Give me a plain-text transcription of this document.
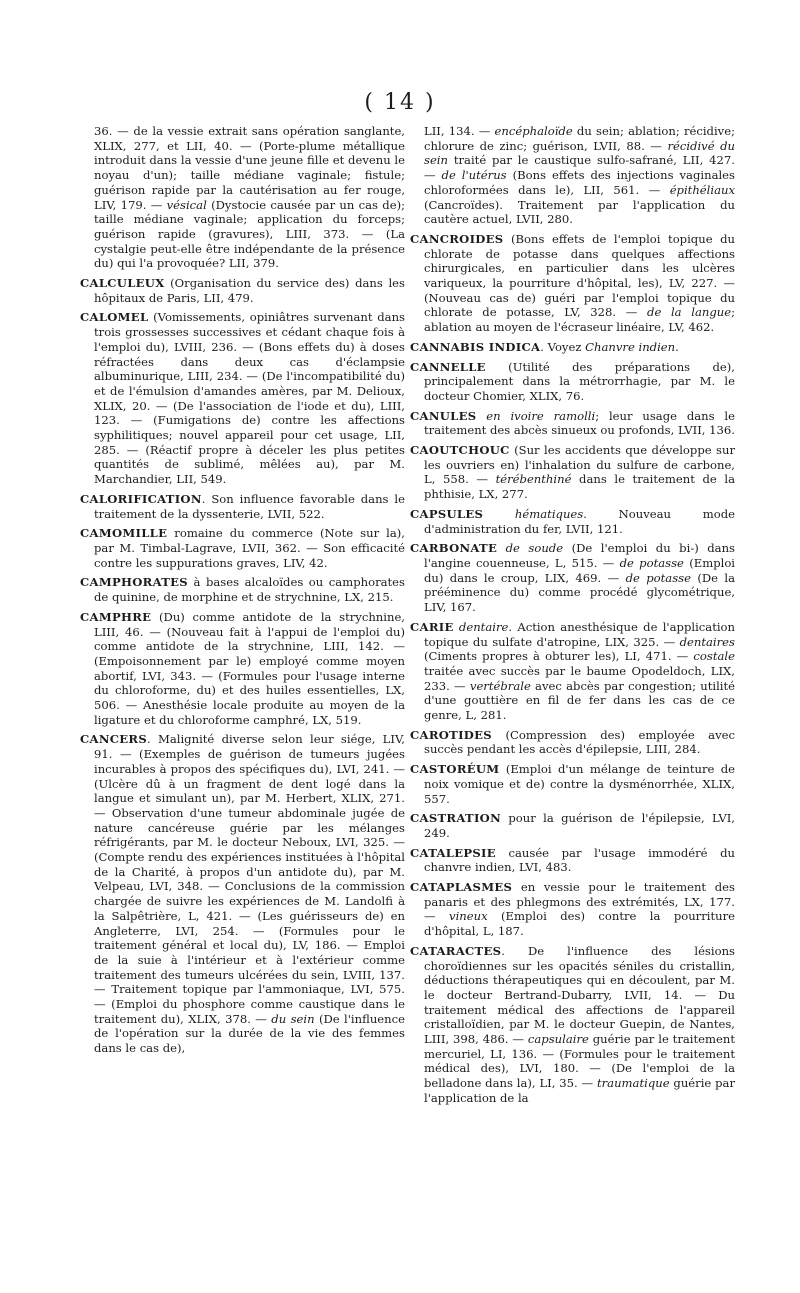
( 14 )

36. — de la vessie extrait sans opération sanglante, XLIX, 277, et LII, 40. — (Porte-plume métallique introduit dans la vessie d'une jeune fille et devenu le noyau d'un); taille médiane vaginale; fistule; guérison rapide par la cautérisation au fer rouge, LIV, 179. — vésical (Dystocie causée par un cas de); taille médiane vaginale; application du forceps; guérison rapide (gravures), LIII, 373. — (La cystalgie peut-elle être indépendante de la présence du) qui l'a provoquée? LII, 379.

CALCULEUX (Organisation du service des) dans les hôpitaux de Paris, LII, 479.

CALOMEL (Vomissements, opiniâtres survenant dans trois grossesses successives et cédant chaque fois à l'emploi du), LVIII, 236. — (Bons effets du) à doses réfractées dans deux cas d'éclampsie albuminurique, LIII, 234. — (De l'incompatibilité du) et de l'émulsion d'amandes amères, par M. Delioux, XLIX, 20. — (De l'association de l'iode et du), LIII, 123. — (Fumigations de) contre les affections syphilitiques; nouvel appareil pour cet usage, LII, 285. — (Réactif propre à déceler les plus petites quantités de sublimé, mêlées au), par M. Marchandier, LII, 549.

CALORIFICATION. Son influence favorable dans le traitement de la dyssenterie, LVII, 522.

CAMOMILLE romaine du commerce (Note sur la), par M. Timbal-Lagrave, LVII, 362. — Son efficacité contre les suppurations graves, LIV, 42.

CAMPHORATES à bases alcaloïdes ou camphorates de quinine, de morphine et de strychnine, LX, 215.

CAMPHRE (Du) comme antidote de la strychnine, LIII, 46. — (Nouveau fait à l'appui de l'emploi du) comme antidote de la strychnine, LIII, 142. — (Empoisonnement par le) employé comme moyen abortif, LVI, 343. — (Formules pour l'usage interne du chloroforme, du) et des huiles essentielles, LX, 506. — Anesthésie locale produite au moyen de la ligature et du chloroforme camphré, LX, 519.

CANCERS. Malignité diverse selon leur siége, LIV, 91. — (Exemples de guérison de tumeurs jugées incurables à propos des spécifiques du), LVI, 241. — (Ulcère dû à un fragment de dent logé dans la langue et simulant un), par M. Herbert, XLIX, 271. — Observation d'une tumeur abdominale jugée de nature cancéreuse guérie par les mélanges réfrigérants, par M. le docteur Neboux, LVI, 325. — (Compte rendu des expériences instituées à l'hôpital de la Charité, à propos d'un antidote du), par M. Velpeau, LVI, 348. — Conclusions de la commission chargée de suivre les expériences de M. Landolfi à la Salpêtrière, L, 421. — (Les guérisseurs de) en Angleterre, LVI, 254. — (Formules pour le traitement général et local du), LV, 186. — Emploi de la suie à l'intérieur et à l'extérieur comme traitement des tumeurs ulcérées du sein, LVIII, 137. — Traitement topique par l'ammoniaque, LVI, 575. — (Emploi du phosphore comme caustique dans le traitement du), XLIX, 378. — du sein (De l'influence de l'opération sur la durée de la vie des femmes dans le cas de),

LII, 134. — encéphaloïde du sein; ablation; récidive; chlorure de zinc; guérison, LVII, 88. — récidivé du sein traité par le caustique sulfo-safrané, LII, 427. — de l'utérus (Bons effets des injections vaginales chloroformées dans le), LII, 561. — épithéliaux (Cancroïdes). Traitement par l'application du cautère actuel, LVII, 280.

CANCROIDES (Bons effets de l'emploi topique du chlorate de potasse dans quelques affections chirurgicales, en particulier dans les ulcères variqueux, la pourriture d'hôpital, les), LV, 227. — (Nouveau cas de) guéri par l'emploi topique du chlorate de potasse, LV, 328. — de la langue; ablation au moyen de l'écraseur linéaire, LV, 462.

CANNABIS INDICA. Voyez Chanvre indien.

CANNELLE (Utilité des préparations de), principalement dans la métrorrhagie, par M. le docteur Chomier, XLIX, 76.

CANULES en ivoire ramolli; leur usage dans le traitement des abcès sinueux ou profonds, LVII, 136.

CAOUTCHOUC (Sur les accidents que développe sur les ouvriers en) l'inhalation du sulfure de carbone, L, 558. — térébenthiné dans le traitement de la phthisie, LX, 277.

CAPSULES	hématiques. Nouveau mode d'administration du fer, LVII, 121.

CARBONATE de soude (De l'emploi du bi-) dans l'angine couenneuse, L, 515. — de potasse (Emploi du) dans le croup, LIX, 469. — de potasse (De la prééminence du) comme procédé glycométrique, LIV, 167.

CARIE dentaire. Action anesthésique de l'application topique du sulfate d'atropine, LIX, 325. — dentaires (Ciments propres à obturer les), LI, 471. — costale traitée avec succès par le baume Opodeldoch, LIX, 233. — vertébrale avec abcès par congestion; utilité d'une gouttière en fil de fer dans les cas de ce genre, L, 281.

CAROTIDES (Compression des) employée avec succès pendant les accès d'épilepsie, LIII, 284.

CASTORÉUM (Emploi d'un mélange de teinture de noix vomique et de) contre la dysménorrhée, XLIX, 557.

CASTRATION pour la guérison de l'épilepsie, LVI, 249.

CATALEPSIE causée par l'usage immodéré du chanvre indien, LVI, 483.

CATAPLASMES en vessie pour le traitement des panaris et des phlegmons des extrémités, LX, 177. — vineux (Emploi des) contre la pourriture d'hôpital, L, 187.

CATARACTES. De l'influence des lésions choroïdiennes sur les opacités séniles du cristallin, déductions thérapeutiques qui en découlent, par M. le docteur Bertrand-Dubarry, LVII, 14. — Du traitement médical des affections de l'appareil cristalloïdien, par M. le docteur Guepin, de Nantes, LIII, 398, 486. — capsulaire guérie par le traitement mercuriel, LI, 136. — (Formules pour le traitement médical des), LVI, 180. — (De l'emploi de la belladone dans la), LI, 35. — traumatique guérie par l'application de la
